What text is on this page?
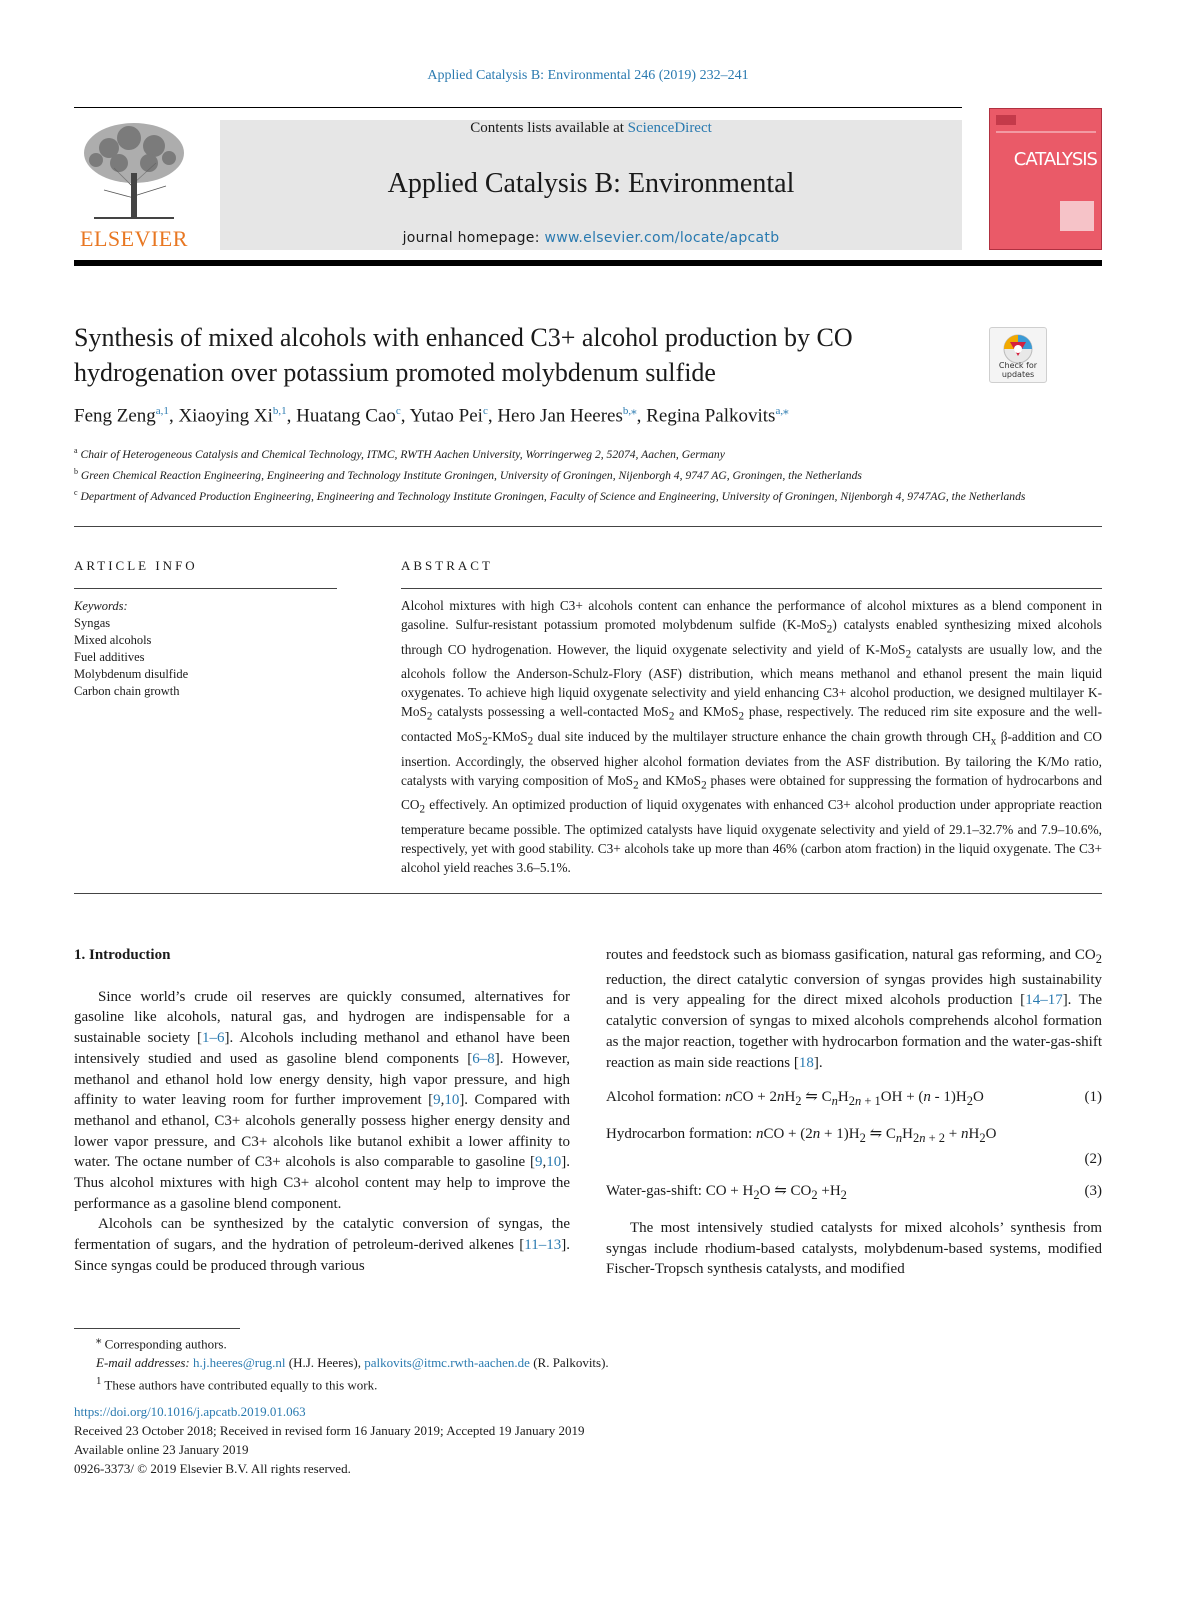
Applied Catalysis B: Environmental 246 (2019) 232–241
ELSEVIER
Contents lists available at ScienceDirect
Applied Catalysis B: Environmental
journal homepage: www.elsevier.com/locate/apcatb
CATALYSIS
Synthesis of mixed alcohols with enhanced C3+ alcohol production by CO hydrogenation over potassium promoted molybdenum sulfide	Check for updates
Feng Zeng$^{a,1}$, Xiaoying Xi$^{b,1}$, Huatang Cao$^c$, Yutao Pei$^c$, Hero Jan Heeres$^{b,⁎}$, Regina Palkovits$^{a,⁎}$
$^a$ Chair of Heterogeneous Catalysis and Chemical Technology, ITMC, RWTH Aachen University, Worringerweg 2, 52074, Aachen, Germany
$^b$ Green Chemical Reaction Engineering, Engineering and Technology Institute Groningen, University of Groningen, Nijenborgh 4, 9747 AG, Groningen, the Netherlands
$^c$ Department of Advanced Production Engineering, Engineering and Technology Institute Groningen, Faculty of Science and Engineering, University of Groningen, Nijenborgh 4, 9747AG, the Netherlands
ARTICLE INFO	ABSTRACT
Keywords:
Syngas
Mixed alcohols
Fuel additives
Molybdenum disulfide
Carbon chain growth
Alcohol mixtures with high C3+ alcohols content can enhance the performance of alcohol mixtures as a blend component in gasoline. Sulfur-resistant potassium promoted molybdenum sulfide (K-MoS$_2$) catalysts enabled synthesizing mixed alcohols through CO hydrogenation. However, the liquid oxygenate selectivity and yield of K-MoS$_2$ catalysts are usually low, and the alcohols follow the Anderson-Schulz-Flory (ASF) distribution, which means methanol and ethanol present the main liquid oxygenates. To achieve high liquid oxygenate selectivity and yield enhancing C3+ alcohol production, we designed multilayer K-MoS$_2$ catalysts possessing a well-contacted MoS$_2$ and KMoS$_2$ phase, respectively. The reduced rim site exposure and the well-contacted MoS$_2$-KMoS$_2$ dual site induced by the multilayer structure enhance the chain growth through $CH_x$ β-addition and CO insertion. Accordingly, the observed higher alcohol formation deviates from the ASF distribution. By tailoring the K/Mo ratio, catalysts with varying composition of MoS$_2$ and KMoS$_2$ phases were obtained for suppressing the formation of hydrocarbons and $CO_2$ effectively. An optimized production of liquid oxygenates with enhanced C3+ alcohol production under appropriate reaction temperature became possible. The optimized catalysts have liquid oxygenate selectivity and yield of 29.1–32.7% and 7.9–10.6%, respectively, yet with good stability. C3+ alcohols take up more than 46% (carbon atom fraction) in the liquid oxygenate. The C3+ alcohol yield reaches 3.6–5.1%.
1. Introduction

Since world’s crude oil reserves are quickly consumed, alternatives for gasoline like alcohols, natural gas, and hydrogen are indispensable for a sustainable society [1–6]. Alcohols including methanol and ethanol have been intensively studied and used as gasoline blend components [6–8]. However, methanol and ethanol hold low energy density, high vapor pressure, and high affinity to water leaving room for further improvement [9,10]. Compared with methanol and ethanol, C3+ alcohols generally possess higher energy density and lower vapor pressure, and C3+ alcohols like butanol exhibit a lower affinity to water. The octane number of C3+ alcohols is also comparable to gasoline [9,10]. Thus alcohol mixtures with high C3+ alcohol content may help to improve the performance as a gasoline blend component.

Alcohols can be synthesized by the catalytic conversion of syngas, the fermentation of sugars, and the hydration of petroleum-derived alkenes [11–13]. Since syngas could be produced through various

routes and feedstock such as biomass gasification, natural gas reforming, and $CO_2$ reduction, the direct catalytic conversion of syngas provides high sustainability and is very appealing for the direct mixed alcohols production [14–17]. The catalytic conversion of syngas to mixed alcohols comprehends alcohol formation as the major reaction, together with hydrocarbon formation and the water-gas-shift reaction as main side reactions [18].

Alcohol formation: nCO + $2nH_2$ ⇋ $C_nH_{2n + 1}OH + (n - 1)H_2O$	(1)
Hydrocarbon formation: nCO + $(2n + 1)H_2$ ⇋ $C_nH_{2n + 2} + nH_2O$
(2)
Water-gas-shift: CO + $H_2O$ ⇋ $CO_2 +H_2$	(3)

The most intensively studied catalysts for mixed alcohols’ synthesis from syngas include rhodium-based catalysts, molybdenum-based systems, modified Fischer-Tropsch synthesis catalysts, and modified

⁎ Corresponding authors.
E-mail addresses: h.j.heeres@rug.nl (H.J. Heeres), palkovits@itmc.rwth-aachen.de (R. Palkovits).
$^1$ These authors have contributed equally to this work.
https://doi.org/10.1016/j.apcatb.2019.01.063
Received 23 October 2018; Received in revised form 16 January 2019; Accepted 19 January 2019
Available online 23 January 2019
0926-3373/ © 2019 Elsevier B.V. All rights reserved.
